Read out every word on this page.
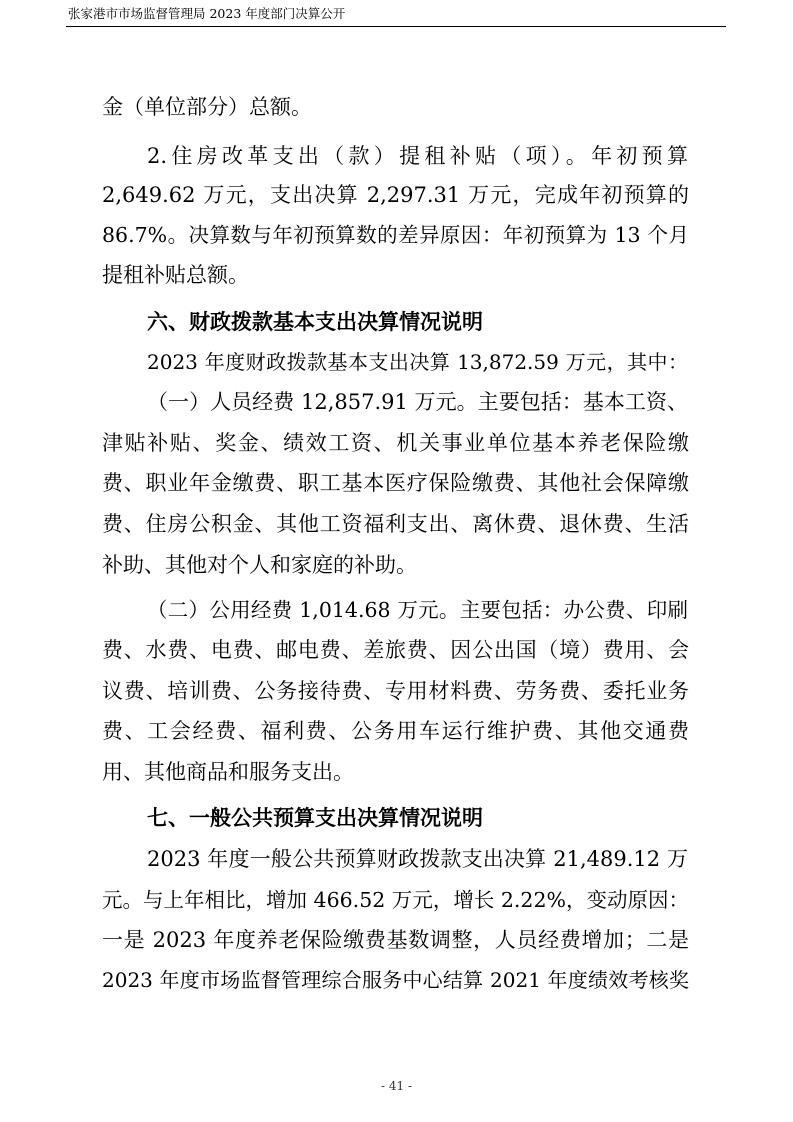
张家港市市场监督管理局 2023 年度部门决算公开
金（单位部分）总额。
2.住房改革支出（款）提租补贴（项）。年初预算
2,649.62 万元，支出决算 2,297.31 万元，完成年初预算的
86.7%。决算数与年初预算数的差异原因：年初预算为 13 个月
提租补贴总额。
六、财政拨款基本支出决算情况说明
2023 年度财政拨款基本支出决算 13,872.59 万元，其中：
（一）人员经费 12,857.91 万元。主要包括：基本工资、
津贴补贴、奖金、绩效工资、机关事业单位基本养老保险缴
费、职业年金缴费、职工基本医疗保险缴费、其他社会保障缴
费、住房公积金、其他工资福利支出、离休费、退休费、生活
补助、其他对个人和家庭的补助。
（二）公用经费 1,014.68 万元。主要包括：办公费、印刷
费、水费、电费、邮电费、差旅费、因公出国（境）费用、会
议费、培训费、公务接待费、专用材料费、劳务费、委托业务
费、工会经费、福利费、公务用车运行维护费、其他交通费
用、其他商品和服务支出。
七、一般公共预算支出决算情况说明
2023 年度一般公共预算财政拨款支出决算 21,489.12 万
元。与上年相比，增加 466.52 万元，增长 2.22%，变动原因：
一是 2023 年度养老保险缴费基数调整，人员经费增加；二是
2023 年度市场监督管理综合服务中心结算 2021 年度绩效考核奖
- 41 -
